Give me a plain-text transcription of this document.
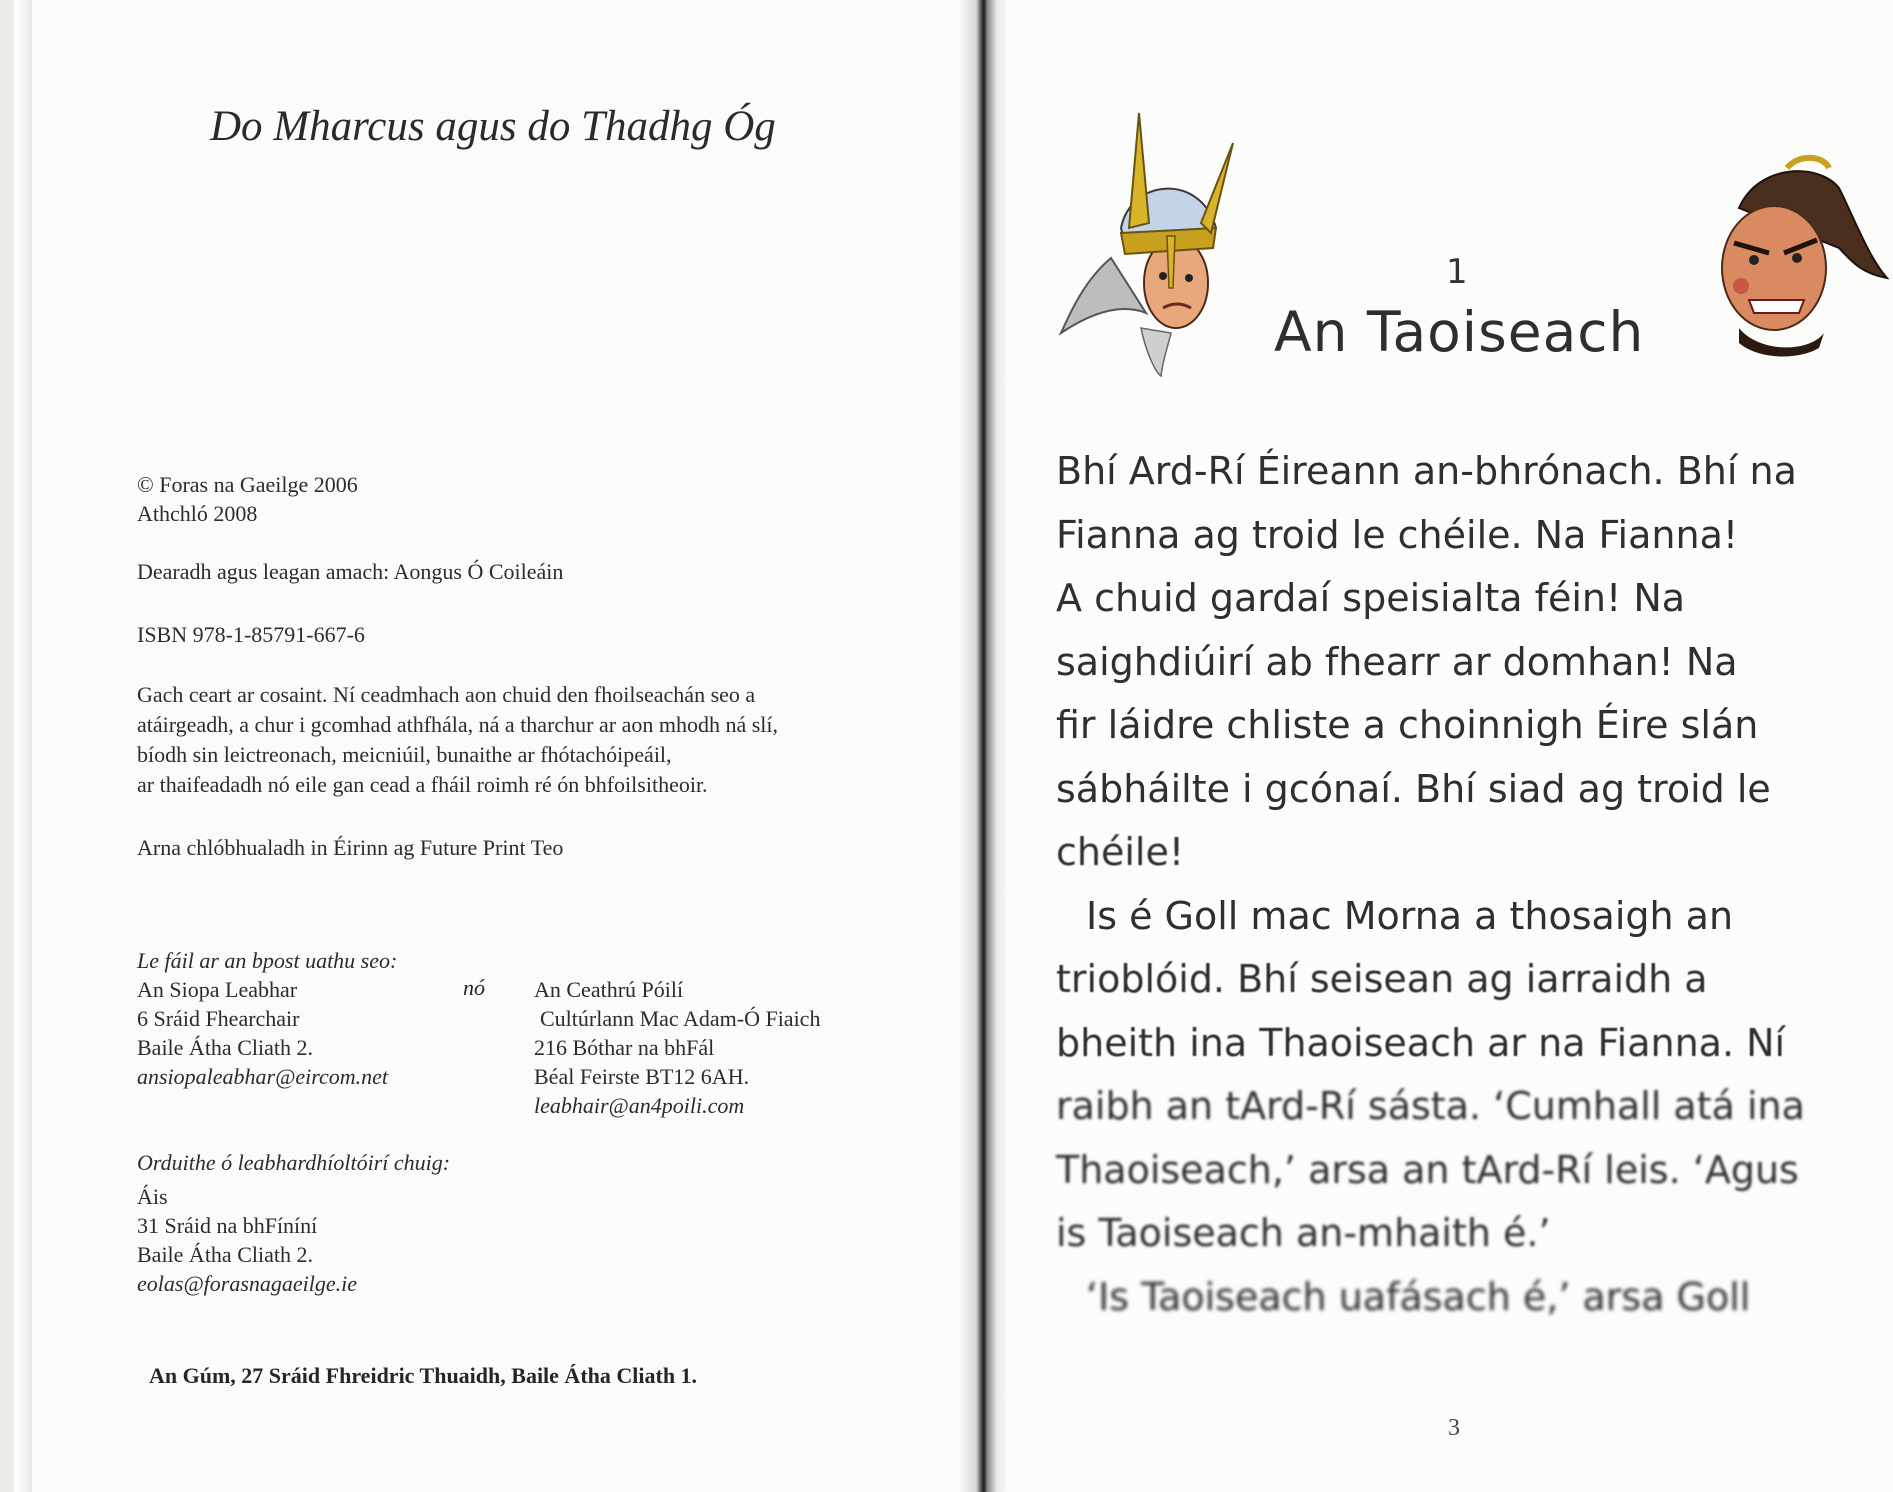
Do Mharcus agus do Thadhg Óg
© Foras na Gaeilge 2006
Athchló 2008
Dearadh agus leagan amach: Aongus Ó Coileáin
ISBN 978-1-85791-667-6

Gach ceart ar cosaint. Ní ceadmhach aon chuid den fhoilseachán seo a

atáirgeadh, a chur i gcomhad athfhála, ná a tharchur ar aon mhodh ná slí,

bíodh sin leictreonach, meicniúil, bunaithe ar fhótachóipeáil,

ar thaifeadadh nó eile gan cead a fháil roimh ré ón bhfoilsitheoir.

Arna chlóbhualadh in Éirinn ag Future Print Teo
Le fáil ar an bpost uathu seo:
An Siopa Leabhar
6 Sráid Fhearchair
Baile Átha Cliath 2.
ansiopaleabhar@eircom.net
nó An Ceathrú Póilí
Cultúrlann Mac Adam-Ó Fiaich
216 Bóthar na bhFál
Béal Feirste BT12 6AH.
leabhair@an4poili.com
Orduithe ó leabhardhíoltóirí chuig:
Áis
31 Sráid na bhFíníní
Baile Átha Cliath 2.
eolas@forasnagaeilge.ie
An Gúm, 27 Sráid Fhreidric Thuaidh, Baile Átha Cliath 1.
1
An Taoiseach
Bhí Ard-Rí Éireann an-bhrónach. Bhí na
Fianna ag troid le chéile. Na Fianna!
A chuid gardaí speisialta féin! Na
saighdiúirí ab fhearr ar domhan! Na
fir láidre chliste a choinnigh Éire slán
sábháilte i gcónaí. Bhí siad ag troid le
chéile!
Is é Goll mac Morna a thosaigh an
trioblóid. Bhí seisean ag iarraidh a
bheith ina Thaoiseach ar na Fianna. Ní
raibh an tArd-Rí sásta. ‘Cumhall atá ina
Thaoiseach,’ arsa an tArd-Rí leis. ‘Agus
is Taoiseach an-mhaith é.’
‘Is Taoiseach uafásach é,’ arsa Goll
3
